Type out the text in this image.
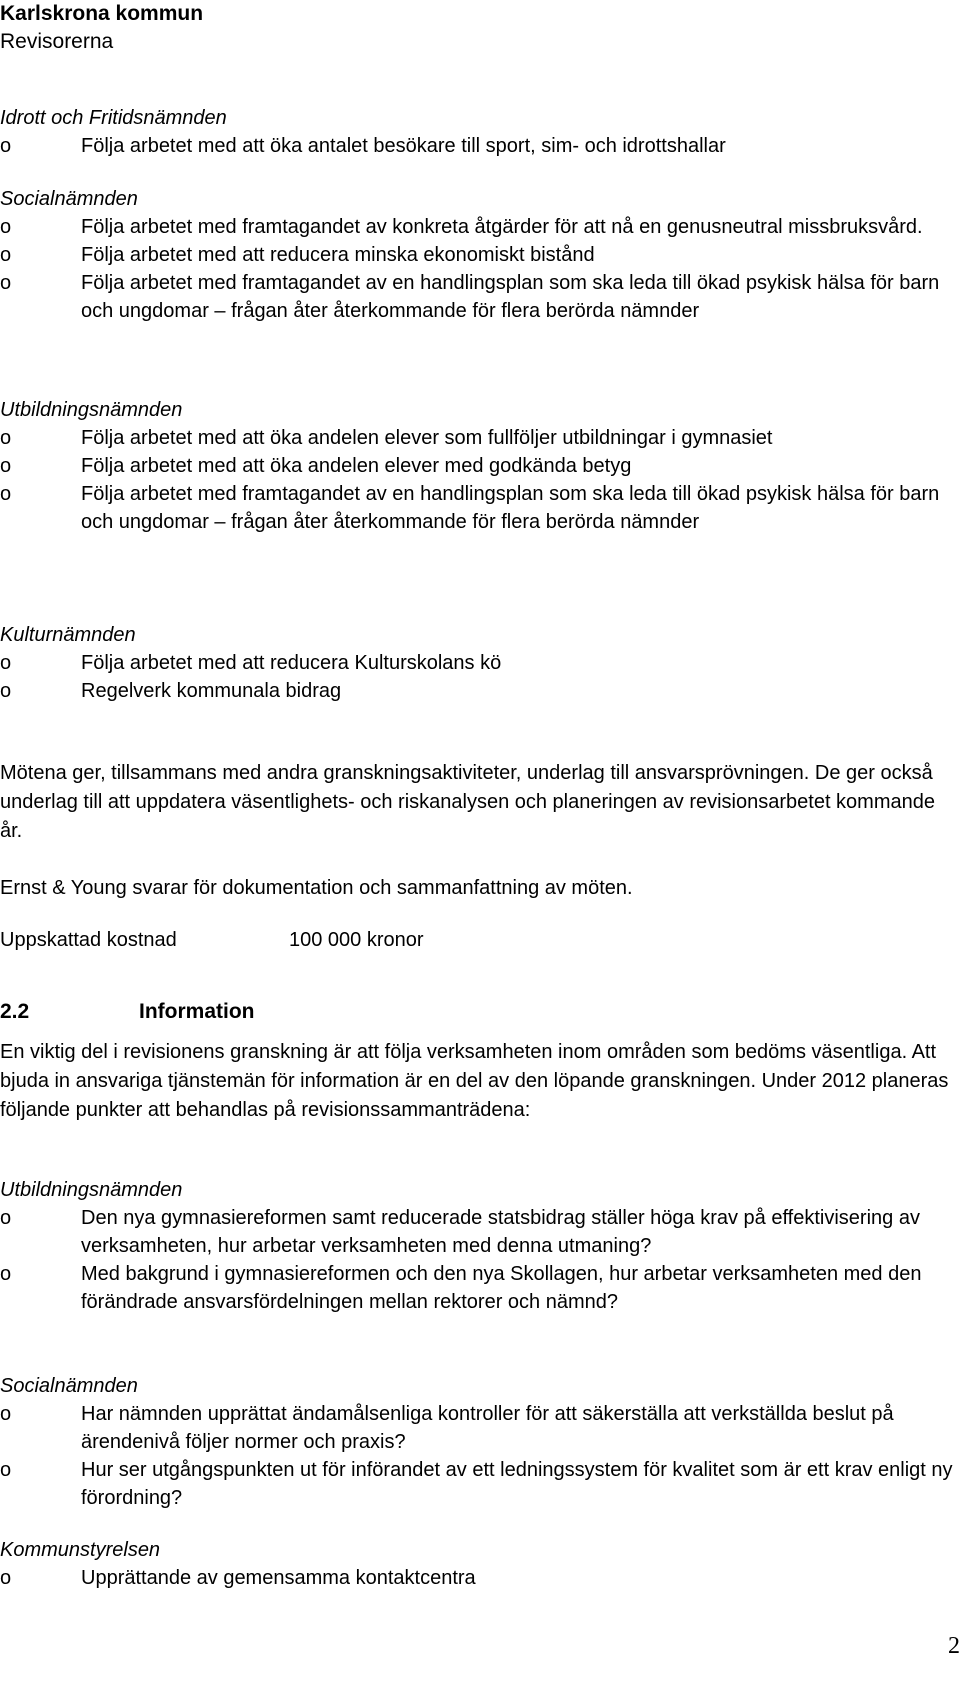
Karlskrona kommun
Revisorerna
Idrott och Fritidsnämnden
o	Följa arbetet med att öka antalet besökare till sport, sim- och idrottshallar
Socialnämnden
o	Följa arbetet med framtagandet av konkreta åtgärder för att nå en genusneutral missbruksvård.
o	Följa arbetet med att reducera minska ekonomiskt bistånd
o	Följa arbetet med framtagandet av en handlingsplan som ska leda till ökad psykisk hälsa för barn och ungdomar – frågan åter återkommande för flera berörda nämnder
Utbildningsnämnden
o	Följa arbetet med att öka andelen elever som fullföljer utbildningar i gymnasiet
o	Följa arbetet med att öka andelen elever med godkända betyg
o	Följa arbetet med framtagandet av en handlingsplan som ska leda till ökad psykisk hälsa för barn och ungdomar – frågan åter återkommande för flera berörda nämnder
Kulturnämnden
o	Följa arbetet med att reducera Kulturskolans kö
o	Regelverk kommunala bidrag

Mötena ger, tillsammans med andra granskningsaktiviteter, underlag till ansvarsprövningen. De ger också underlag till att uppdatera väsentlighets- och riskanalysen och planeringen av revisionsarbetet kommande år.

Ernst & Young svarar för dokumentation och sammanfattning av möten.

Uppskattad kostnad	100 000 kronor
2.2	Information

En viktig del i revisionens granskning är att följa verksamheten inom områden som bedöms väsentliga. Att bjuda in ansvariga tjänstemän för information är en del av den löpande granskningen. Under 2012 planeras följande punkter att behandlas på revisionssammanträdena:

Utbildningsnämnden
o	Den nya gymnasiereformen samt reducerade statsbidrag ställer höga krav på effektivisering av verksamheten, hur arbetar verksamheten med denna utmaning?
o	Med bakgrund i gymnasiereformen och den nya Skollagen, hur arbetar verksamheten med den förändrade ansvarsfördelningen mellan rektorer och nämnd?
Socialnämnden
o	Har nämnden upprättat ändamålsenliga kontroller för att säkerställa att verkställda beslut på ärendenivå följer normer och praxis?
o	Hur ser utgångspunkten ut för införandet av ett ledningssystem för kvalitet som är ett krav enligt ny förordning?
Kommunstyrelsen
o	Upprättande av gemensamma kontaktcentra
2
